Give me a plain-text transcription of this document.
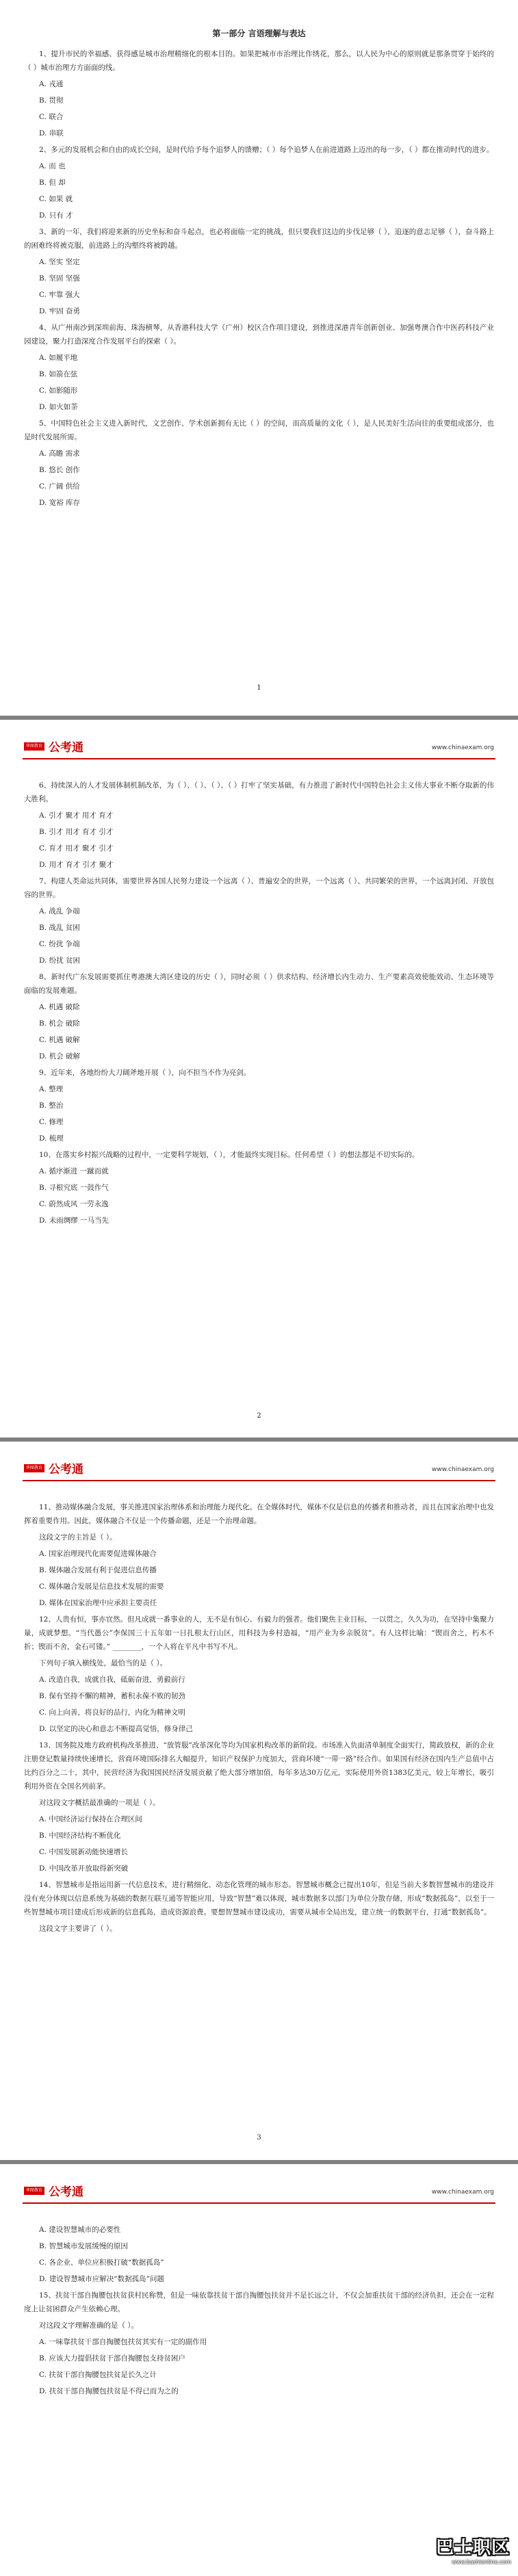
第一部分 言语理解与表达
1、提升市民的幸福感、获得感是城市治理精细化的根本目的。如果把城市市治理比作绣花，那么，以人民为中心的原则就是那条贯穿于始终的（ ）城市治理方方面面的线。
A. 戎通
B. 贯彻
C. 联合
D. 串联
2、多元的发展机会和自由的成长空间，是时代给予每个追梦人的馈赠；（ ）每个追梦人在前进道路上迈出的每一步，（ ）都在推动时代的进步。
A. 而 也
B. 但 却
C. 如果 就
D. 只有 才
3、新的一年，我们将迎来新的历史坐标和奋斗起点，也必将面临一定的挑战，但只要我们这边的步伐足够（ ），追逐的意志足够（ ），奋斗路上的困难终将被克服，前进路上的沟壑终将被跨越。
A. 坚实 坚定
B. 坚固 坚强
C. 牢靠 强大
D. 牢固 奋勇
4、从广州南沙到深圳前海、珠海横琴，从香港科技大学（广州）校区合作项目建设，到推进深港青年创新创业、加强粤澳合作中医药科技产业园建设，聚力打造深度合作发展平台的探索（ ）。
A. 如履平地
B. 如箭在弦
C. 如影随形
D. 如火如荼
5、中国特色社会主义进入新时代，文艺创作、学术创新拥有无比（ ）的空间，而高质量的文化（ ），是人民美好生活向往的重要组成部分，也是时代发展所需。
A. 高瞻 需求
B. 悠长 创作
C. 广阔 供给
D. 宽裕 库存
1
华图教育 公考通	www.chinaexam.org
6、持续深入的人才发展体制机制改革，为（ ）、（ ）、（ ）、（ ）打牢了坚实基础，有力推进了新时代中国特色社会主义伟大事业不断夺取新的伟大胜利。
A. 引才 聚才 用才 育才
B. 引才 用才 育才 引才
C. 育才 用才 聚才 引才
D. 用才 育才 引才 聚才
7、构建人类命运共同体，需要世界各国人民努力建设一个远离（ ）、普遍安全的世界，一个远离（ ）、共同繁荣的世界，一个远离封闭、开放包容的世界。
A. 战乱 争端
B. 战乱 贫困
C. 纷扰 争端
D. 纷扰 贫困
8、新时代广东发展需要抓住粤港澳大湾区建设的历史（ ），同时必须（ ）供求结构、经济增长内生动力、生产要素高效使能效动、生态环境等面临的发展难题。
A. 机遇 破除
B. 机会 破除
C. 机遇 破解
D. 机会 破解
9、近年来，各地纷纷大刀阔斧地开展（ ），向不担当不作为亮剑。
A. 整理
B. 整治
C. 修理
D. 梳理
10、在落实乡村振兴战略的过程中，一定要科学规划，（ ），才能最终实现目标。任何希望（ ）的想法都是不切实际的。
A. 循序渐进 一蹴而就
B. 寻根究底 一鼓作气
C. 蔚然成风 一劳永逸
D. 未雨绸缪 一马当先
2
华图教育 公考通	www.chinaexam.org
11、推动媒体融合发展，事关推进国家治理体系和治理能力现代化。在全媒体时代，媒体不仅是信息的传播者和推动者，而且在国家治理中也发挥着重要作用。因此，媒体融合不仅是一个传播命题，还是一个治理命题。
这段文字的主旨是（ ）。
A. 国家治理现代化需要促进媒体融合
B. 媒体融合发展有利于促进信息传播
C. 媒体融合发展是信息技术发展的需要
D. 媒体在国家治理中应承担主要责任
12、人贵有恒，事亦宜然。但凡成就一番事业的人，无不是有恒心、有毅力的强者。他们聚焦主业目标，一以贯之，久久为功，在坚持中集聚力量，成就梦想。“当代愚公”李保国三十五年如一日扎根太行山区，用科技为乡村造福，“用产业为乡亲脱贫”。有人这样比喻：“锲而舍之，朽木不折；锲而不舍，金石可镂。” ________，一个人将在平凡中书写不凡。
下列句子填入横线处，最恰当的是（ ）。
A. 改造自我，成就自我，砥砺奋进，勇毅前行
B. 保有坚持不懈的精神，蓄积永葆不败的韧劲
C. 向上向善，将良好的品行，内化为精神文明
D. 以坚定的决心和意志不断提高觉悟，修身律己
13、国务院及地方政府机构改革推进、“放管服”改革深化等均为国家机构改革的新阶段。市场准入负面清单制度全面实行，简政放权，新的企业注册登记数量持续快速增长，营商环境国际排名大幅提升，知识产权保护力度加大，营商环境“一带一路”经合作。如果国有经济在国内生产总值中占比约百分之二十，其中，民营经济为我国国民经济发展贡献了绝大部分增加值，每年多达30万亿元，实际使用外资1383亿美元，较上年增长，吸引利用外资在全国名列前茅。
对这段文字概括最准确的一项是（ ）。
A. 中国经济运行保持在合理区间
B. 中国经济结构不断优化
C. 中国发展新动能快速增长
D. 中国改革开放取得新突破
14、智慧城市是指运用新一代信息技术，进行精细化、动态化管理的城市形态。智慧城市概念已提出10年，但是当前大多数智慧城市的建设并没有充分体现以信息系统为基础的数据互联互通等智能应用，导致“智慧”难以体现，城市数据多以部门为单位分散存储，形成“数据孤岛”，以至于一些智慧城市项目建成后形成新的信息孤岛，造成资源浪费。要想智慧城市建设成功，需要从城市全局出发，建立统一的数据平台，打通“数据孤岛”。
这段文字主要讲了（ ）。
3
华图教育 公考通	www.chinaexam.org
A. 建设智慧城市的必要性
B. 智慧城市发展缓慢的原因
C. 各企业、单位应积极打破“数据孤岛”
D. 建设智慧城市应解决“数据孤岛”问题
15、扶贫干部自掏腰包扶贫获村民称赞，但是一味依靠扶贫干部自掏腰包扶贫并不是长远之计，不仅会加重扶贫干部的经济负担，还会在一定程度上让贫困群众产生依赖心理。
对这段文字理解准确的是（ ）。
A. 一味靠扶贫干部自掏腰包扶贫其实有一定的副作用
B. 应该大力提倡扶贫干部自掏腰包支持贫困户
C. 扶贫干部自掏腰包扶贫是长久之计
D. 扶贫干部自掏腰包扶贫是不得已而为之的
巴士职区
www.bashionline.com
